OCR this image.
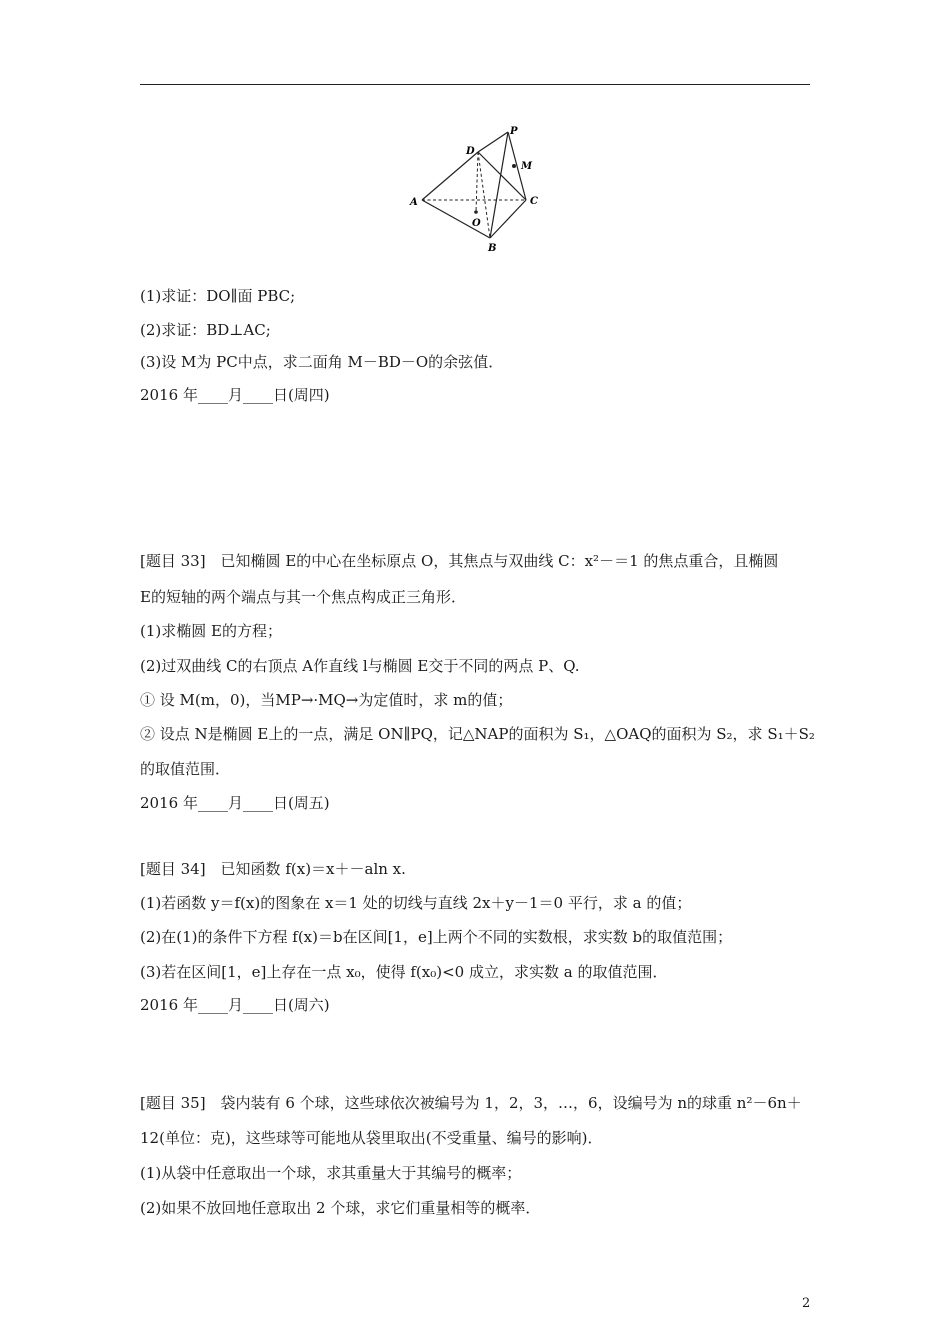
P
D
M
A	C
O
B
(1)求证：DO∥面 PBC;
(2)求证：BD⊥AC;
(3)设 M为 PC中点，求二面角 M－BD－O的余弦值．
2016 年____月____日(周四)
[题目 33]　已知椭圆 E的中心在坐标原点 O，其焦点与双曲线 C：x²－＝1 的焦点重合，且椭圆
E的短轴的两个端点与其一个焦点构成正三角形．
(1)求椭圆 E的方程；
(2)过双曲线 C的右顶点 A作直线 l与椭圆 E交于不同的两点 P、Q.
① 设 M(m，0)，当MP→·MQ→为定值时，求 m的值；
② 设点 N是椭圆 E上的一点，满足 ON∥PQ，记△NAP的面积为 S₁，△OAQ的面积为 S₂，求 S₁＋S₂
的取值范围．
2016 年____月____日(周五)
[题目 34]　已知函数 f(x)＝x＋－aln x.
(1)若函数 y＝f(x)的图象在 x＝1 处的切线与直线 2x＋y－1＝0 平行，求 a 的值；
(2)在(1)的条件下方程 f(x)＝b在区间[1，e]上两个不同的实数根，求实数 b的取值范围；
(3)若在区间[1，e]上存在一点 x₀，使得 f(x₀)<0 成立，求实数 a 的取值范围．
2016 年____月____日(周六)
[题目 35]　袋内装有 6 个球，这些球依次被编号为 1，2，3，…，6，设编号为 n的球重 n²－6n＋
12(单位：克)，这些球等可能地从袋里取出(不受重量、编号的影响)．
(1)从袋中任意取出一个球，求其重量大于其编号的概率；
(2)如果不放回地任意取出 2 个球，求它们重量相等的概率．
2
